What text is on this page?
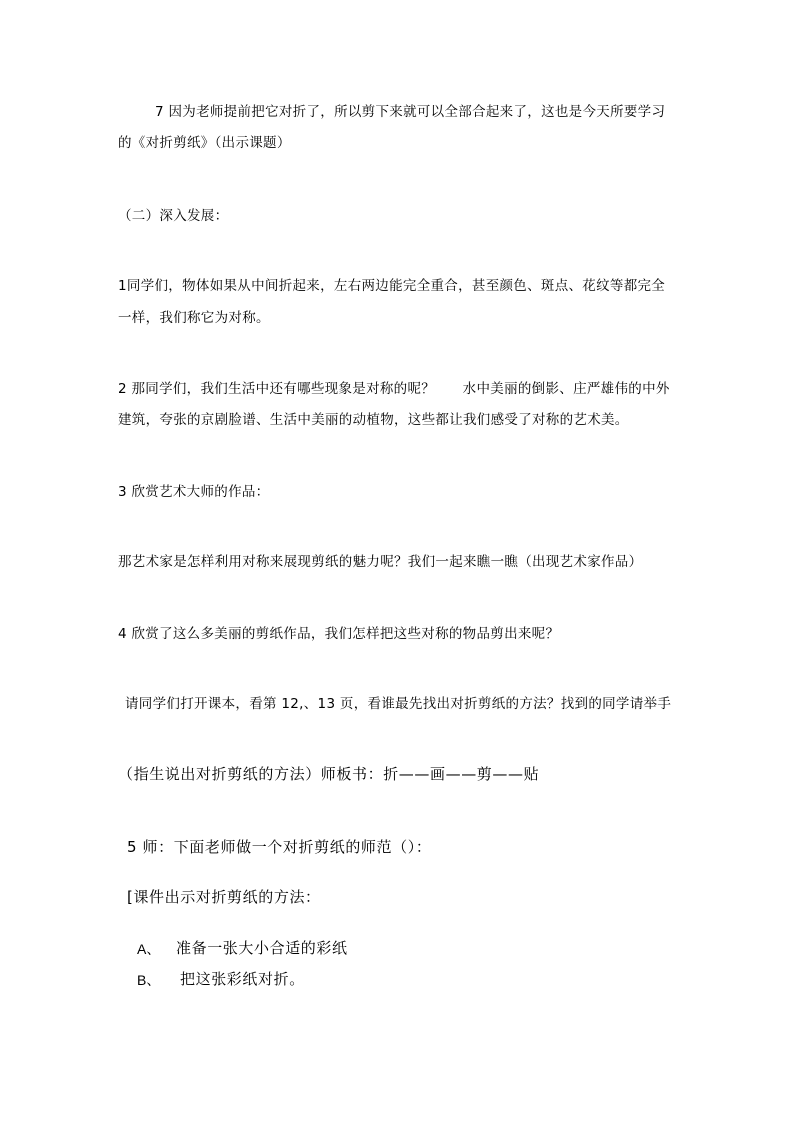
7 因为老师提前把它对折了，所以剪下来就可以全部合起来了，这也是今天所要学习
的《对折剪纸》（出示课题）
（二）深入发展：
1同学们，物体如果从中间折起来，左右两边能完全重合，甚至颜色、斑点、花纹等都完全
一样，我们称它为对称。
2 那同学们，我们生活中还有哪些现象是对称的呢？　　水中美丽的倒影、庄严雄伟的中外
建筑，夸张的京剧脸谱、生活中美丽的动植物，这些都让我们感受了对称的艺术美。
3 欣赏艺术大师的作品：
那艺术家是怎样利用对称来展现剪纸的魅力呢？我们一起来瞧一瞧（出现艺术家作品）
4 欣赏了这么多美丽的剪纸作品，我们怎样把这些对称的物品剪出来呢？
请同学们打开课本，看第 12,、13 页，看谁最先找出对折剪纸的方法？找到的同学请举手
（指生说出对折剪纸的方法）师板书：折——画——剪——贴
5 师：下面老师做一个对折剪纸的师范（）：
[课件出示对折剪纸的方法：
A、 准备一张大小合适的彩纸
B、 把这张彩纸对折。
